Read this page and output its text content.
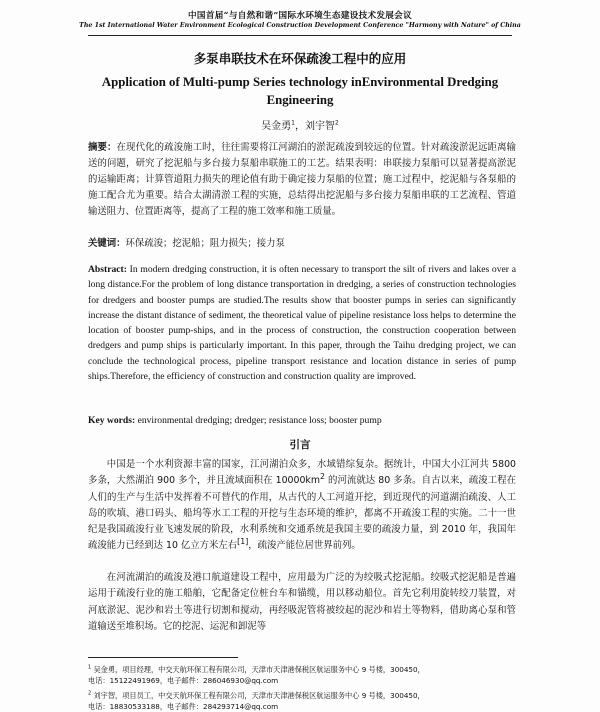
中国首届“与自然和谐”国际水环境生态建设技术发展会议
The 1st International Water Environment Ecological Construction Development Conference "Harmony with Nature" of China
多泵串联技术在环保疏浚工程中的应用
Application of Multi-pump Series technology inEnvironmental Dredging Engineering
吴金勇$^1$，刘宇智$^2$
摘要：在现代化的疏浚施工时，往往需要将江河湖泊的淤泥疏浚到较远的位置。针对疏浚淤泥远距离输送的问题，研究了挖泥船与多台接力泵船串联施工的工艺。结果表明：串联接力泵船可以显著提高淤泥的运输距离；计算管道阻力损失的理论值有助于确定接力泵船的位置；施工过程中，挖泥船与各泵船的施工配合尤为重要。结合太湖清淤工程的实施，总结得出挖泥船与多台接力泵船串联的工艺流程、管道输送阻力、位置距离等，提高了工程的施工效率和施工质量。
关键词：环保疏浚；挖泥船；阻力损失；接力泵
Abstract: In modern dredging construction, it is often necessary to transport the silt of rivers and lakes over a long distance.For the problem of long distance transportation in dredging, a series of construction technologies for dredgers and booster pumps are studied.The results show that booster pumps in series can significantly increase the distant distance of sediment, the theoretical value of pipeline resistance loss helps to determine the location of booster pump-ships, and in the process of construction, the construction cooperation between dredgers and pump ships is particularly important. In this paper, through the Taihu dredging project, we can conclude the technological process, pipeline transport resistance and location distance in series of pump ships.Therefore, the efficiency of construction and construction quality are improved.
Key words: environmental dredging; dredger; resistance loss; booster pump
引言
中国是一个水利资源丰富的国家，江河湖泊众多，水域错综复杂。据统计，中国大小江河共 5800 多条，大然湖泊 900 多个，并且流域面积在 $10000km^2$ 的河流就达 80 多条。自古以来，疏浚工程在人们的生产与生活中发挥着不可替代的作用，从古代的人工河道开挖，到近现代的河道湖泊疏浚、人工岛的吹填、港口码头、船坞等水工工程的开挖与生态环境的维护，都离不开疏浚工程的实施。二十一世纪是我国疏浚行业飞速发展的阶段，水利系统和交通系统是我国主要的疏浚力量，到 2010 年，我国年疏浚能力已经到达 10 亿立方米左右[1]，疏浚产能位居世界前列。
在河流湖泊的疏浚及港口航道建设工程中，应用最为广泛的为绞吸式挖泥船。绞吸式挖泥船是普遍运用于疏浚行业的施工船舶，它配备定位桩台车和锚缆，用以移动船位。首先它利用旋转绞刀装置，对河底淤泥、泥沙和岩土等进行切割和搅动，再经吸泥管将被绞起的泥沙和岩土等物料，借助离心泵和管道输送至堆积场。它的挖泥、运泥和卸泥等
$^1$ 吴金勇，项目经理，中交天航环保工程有限公司，天津市天津港保税区航运服务中心 9 号楼，300450，
电话：15122491969，电子邮件：286046930@qq.com
$^2$ 刘宇智，项目员工，中交天航环保工程有限公司，天津市天津港保税区航运服务中心 9 号楼，300450，
电话：18830533188，电子邮件：284293714@qq.com
